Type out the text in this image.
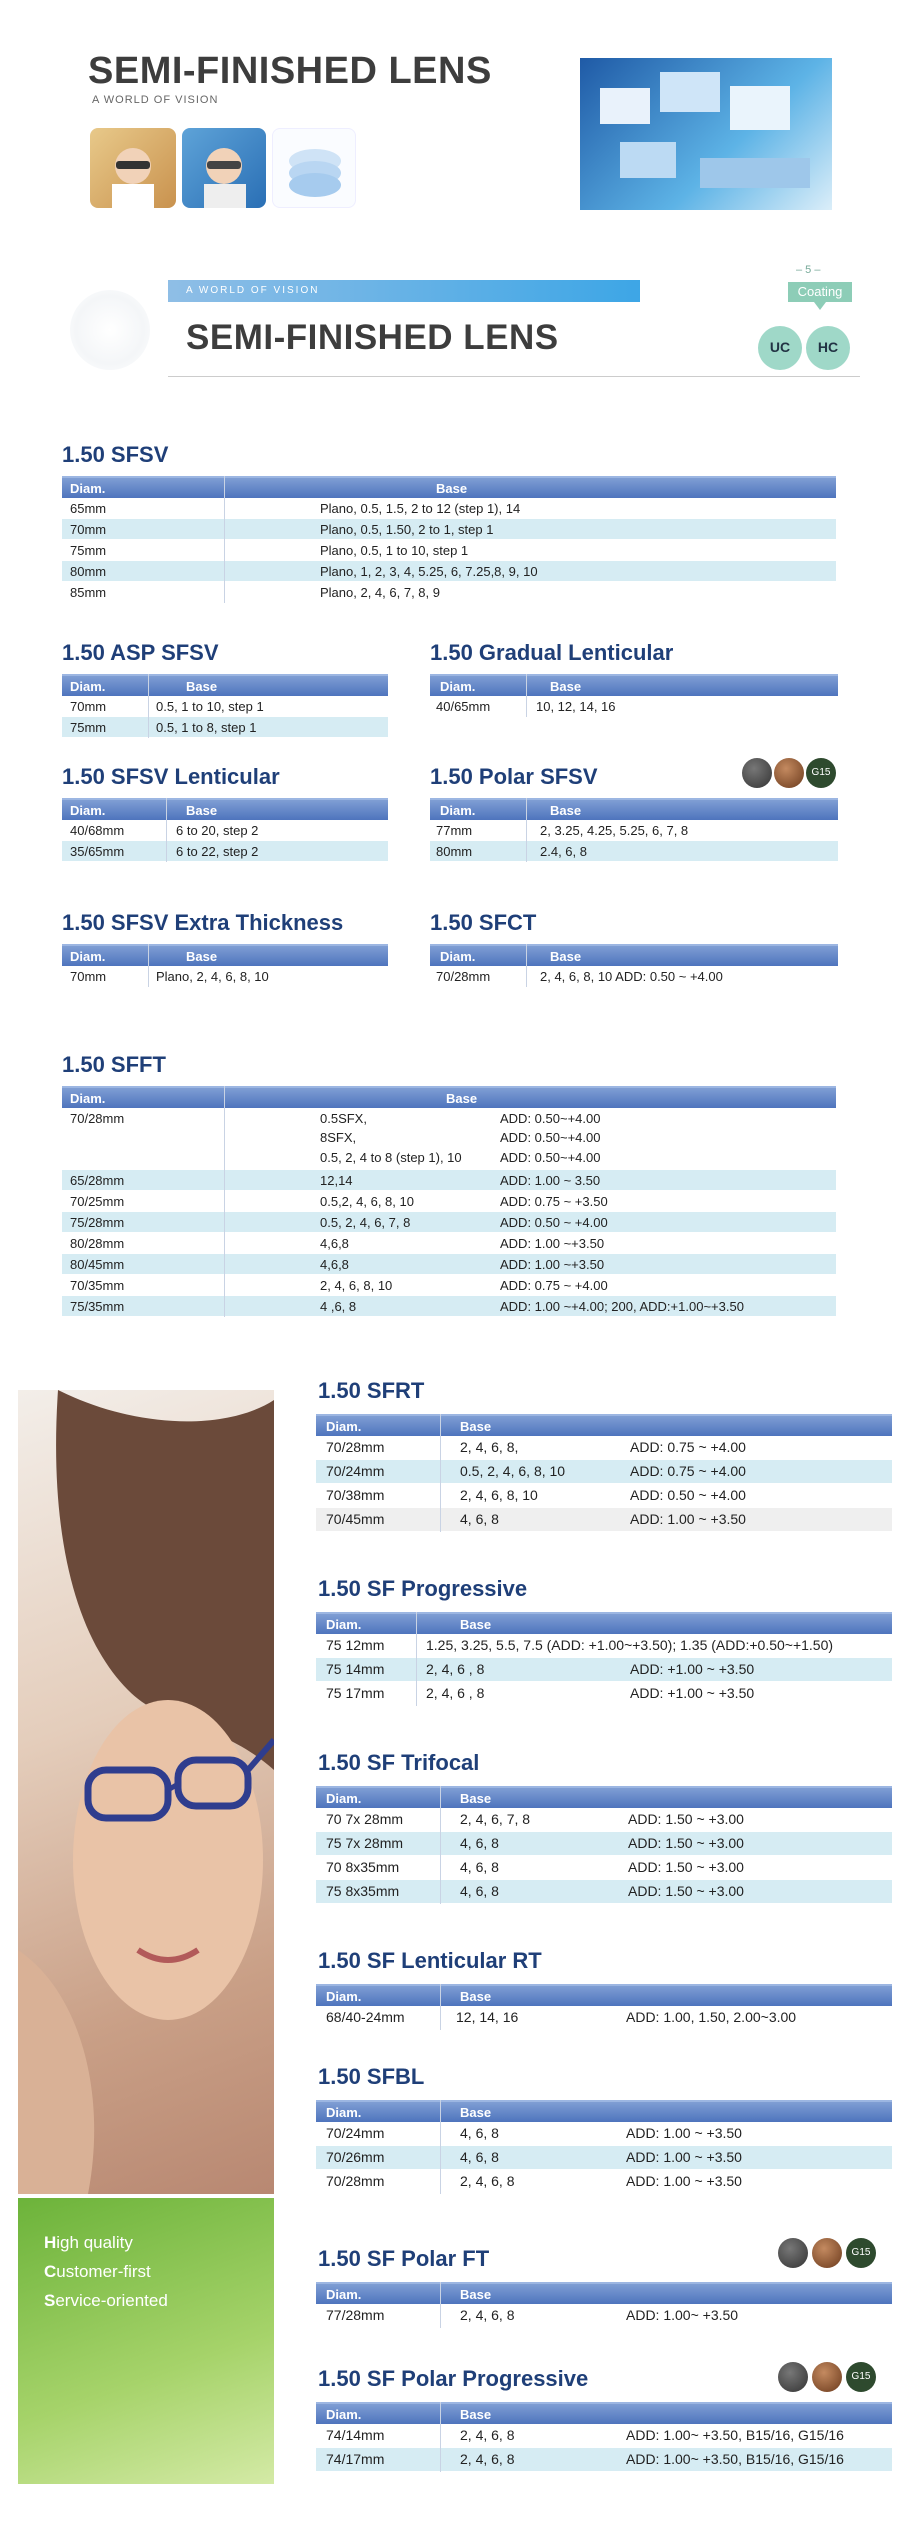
SEMI-FINISHED LENS
A WORLD OF VISION
A WORLD OF VISION
SEMI-FINISHED LENS
– 5 –
Coating
UC	HC
1.50 SFSV
Diam.	Base
65mm	Plano, 0.5, 1.5, 2 to 12 (step 1), 14
70mm	Plano, 0.5, 1.50, 2 to 1, step 1
75mm	Plano, 0.5, 1 to 10, step 1
80mm	Plano, 1, 2, 3, 4, 5.25, 6, 7.25,8, 9, 10
85mm	Plano, 2, 4, 6, 7, 8, 9
1.50 ASP SFSV
Diam.	Base
70mm	0.5, 1 to 10, step 1
75mm	0.5, 1 to 8, step 1
1.50 Gradual Lenticular
Diam.	Base
40/65mm	10, 12, 14, 16
1.50 SFSV Lenticular
Diam.	Base
40/68mm	6 to 20, step 2
35/65mm	6 to 22, step 2
1.50 Polar SFSV	G15
Diam.	Base
77mm	2, 3.25, 4.25, 5.25, 6, 7, 8
80mm	2.4, 6, 8
1.50 SFSV Extra Thickness
Diam.	Base
70mm	Plano, 2, 4, 6, 8, 10
1.50 SFCT
Diam.	Base
70/28mm	2, 4, 6, 8, 10 ADD: 0.50 ~ +4.00
1.50 SFFT
Diam.	Base
70/28mm	0.5SFX,	ADD: 0.50~+4.00
8SFX,	ADD: 0.50~+4.00
0.5, 2, 4 to 8 (step 1), 10	ADD: 0.50~+4.00
65/28mm	12,14	ADD: 1.00 ~ 3.50
70/25mm	0.5,2, 4, 6, 8, 10	ADD: 0.75 ~ +3.50
75/28mm	0.5, 2, 4, 6, 7, 8	ADD: 0.50 ~ +4.00
80/28mm	4,6,8	ADD: 1.00 ~+3.50
80/45mm	4,6,8	ADD: 1.00 ~+3.50
70/35mm	2, 4, 6, 8, 10	ADD: 0.75 ~ +4.00
75/35mm	4 ,6, 8	ADD: 1.00 ~+4.00; 200, ADD:+1.00~+3.50
High quality
Customer-first
Service-oriented
1.50 SFRT
Diam.	Base
70/28mm	2, 4, 6, 8,	ADD: 0.75 ~ +4.00
70/24mm	0.5, 2, 4, 6, 8, 10	ADD: 0.75 ~ +4.00
70/38mm	2, 4, 6, 8, 10	ADD: 0.50 ~ +4.00
70/45mm	4, 6, 8	ADD: 1.00 ~ +3.50
1.50 SF Progressive
Diam.	Base
75 12mm	1.25, 3.25, 5.5, 7.5 (ADD: +1.00~+3.50); 1.35 (ADD:+0.50~+1.50)
75 14mm	2, 4, 6 , 8	ADD: +1.00 ~ +3.50
75 17mm	2, 4, 6 , 8	ADD: +1.00 ~ +3.50
1.50 SF Trifocal
Diam.	Base
70 7x 28mm	2, 4, 6, 7, 8	ADD: 1.50 ~ +3.00
75 7x 28mm	4, 6, 8	ADD: 1.50 ~ +3.00
70 8x35mm	4, 6, 8	ADD: 1.50 ~ +3.00
75 8x35mm	4, 6, 8	ADD: 1.50 ~ +3.00
1.50 SF Lenticular RT
Diam.	Base
68/40-24mm	12, 14, 16	ADD: 1.00, 1.50, 2.00~3.00
1.50 SFBL
Diam.	Base
70/24mm	4, 6, 8	ADD: 1.00 ~ +3.50
70/26mm	4, 6, 8	ADD: 1.00 ~ +3.50
70/28mm	2, 4, 6, 8	ADD: 1.00 ~ +3.50
1.50 SF Polar FT	G15
Diam.	Base
77/28mm	2, 4, 6, 8	ADD: 1.00~ +3.50
1.50 SF Polar Progressive	G15
Diam.	Base
74/14mm	2, 4, 6, 8	ADD: 1.00~ +3.50, B15/16, G15/16
74/17mm	2, 4, 6, 8	ADD: 1.00~ +3.50, B15/16, G15/16
